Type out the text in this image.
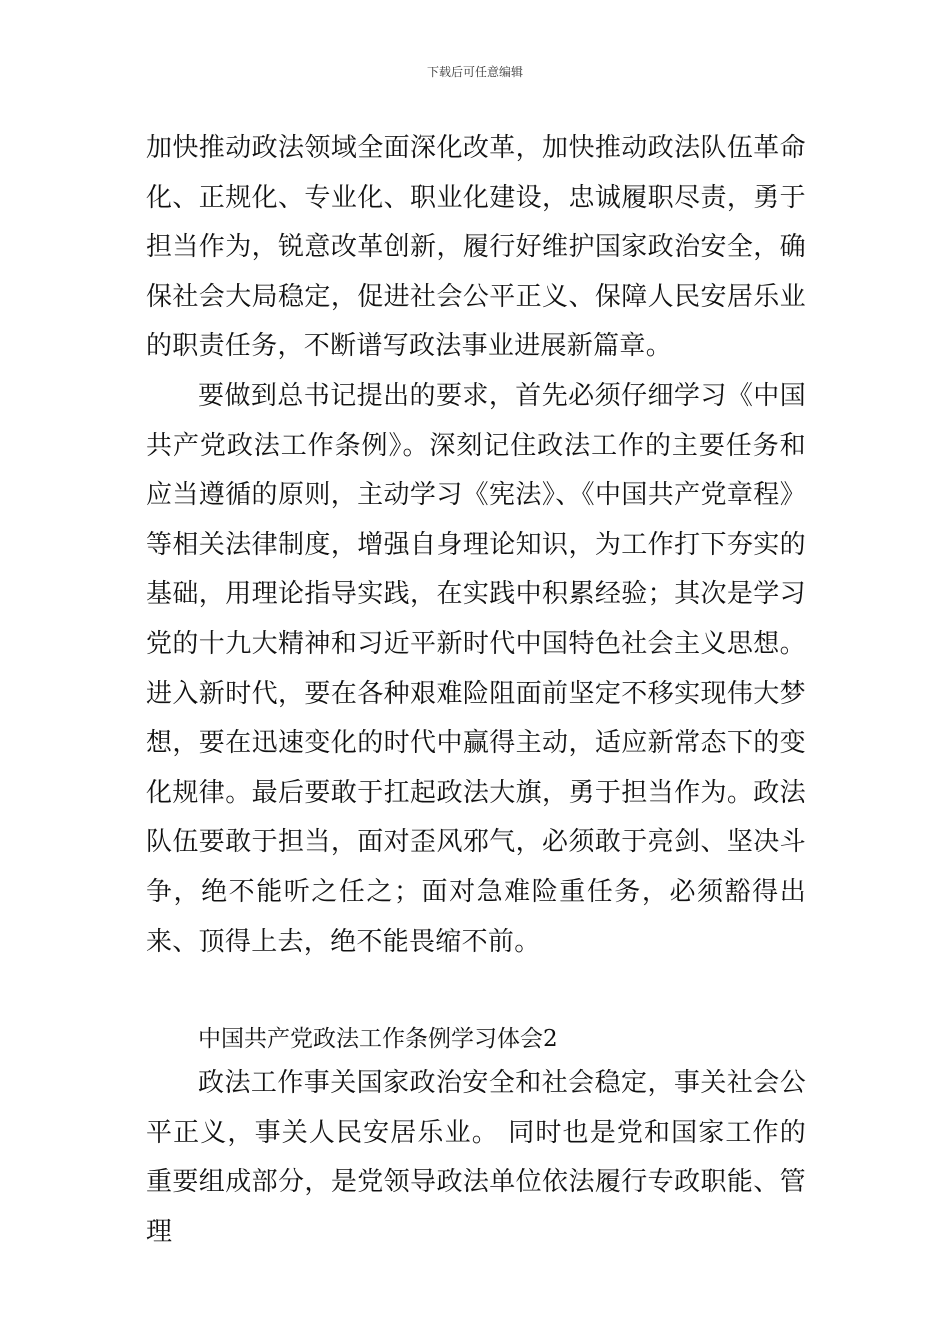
下载后可任意编辑

加快推动政法领域全面深化改革，加快推动政法队伍革命化、正规化、专业化、职业化建设，忠诚履职尽责，勇于担当作为，锐意改革创新，履行好维护国家政治安全，确保社会大局稳定，促进社会公平正义、保障人民安居乐业的职责任务，不断谱写政法事业进展新篇章。

要做到总书记提出的要求，首先必须仔细学习《中国共产党政法工作条例》。深刻记住政法工作的主要任务和应当遵循的原则，主动学习《宪法》、《中国共产党章程》等相关法律制度，增强自身理论知识，为工作打下夯实的基础，用理论指导实践，在实践中积累经验；其次是学习党的十九大精神和习近平新时代中国特色社会主义思想。进入新时代，要在各种艰难险阻面前坚定不移实现伟大梦想，要在迅速变化的时代中赢得主动，适应新常态下的变化规律。最后要敢于扛起政法大旗，勇于担当作为。政法队伍要敢于担当，面对歪风邪气，必须敢于亮剑、坚决斗争，绝不能听之任之；面对急难险重任务，必须豁得出来、顶得上去，绝不能畏缩不前。

中国共产党政法工作条例学习体会2

政法工作事关国家政治安全和社会稳定，事关社会公平正义，事关人民安居乐业。 同时也是党和国家工作的重要组成部分，是党领导政法单位依法履行专政职能、管理
